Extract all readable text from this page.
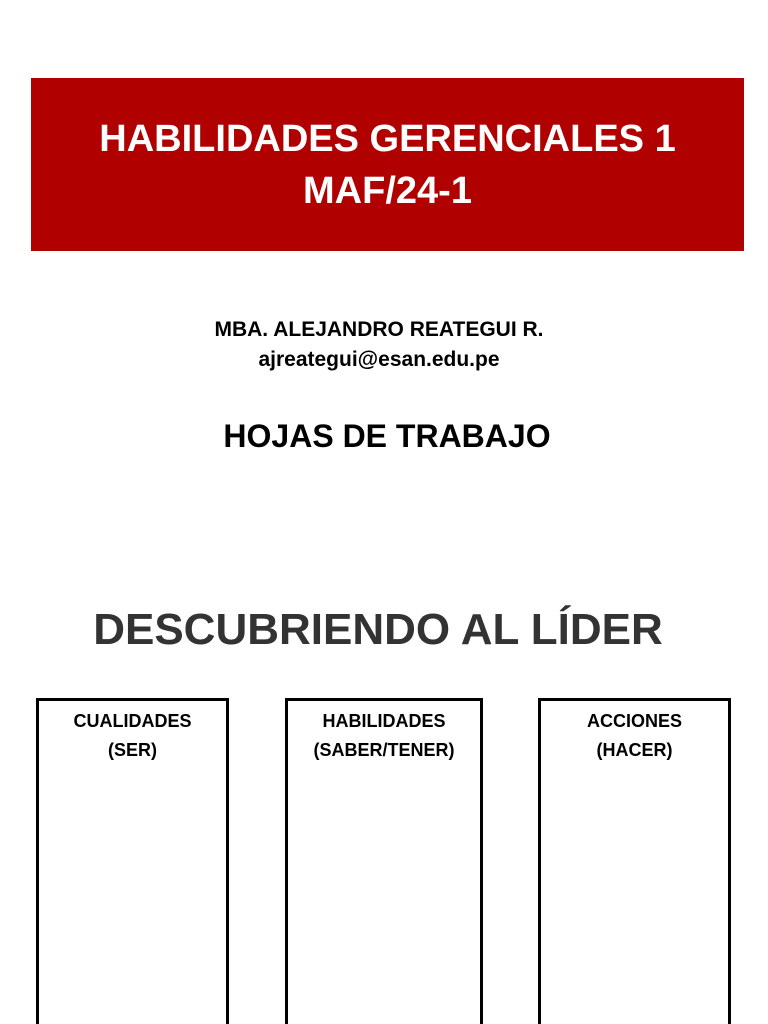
HABILIDADES GERENCIALES 1
MAF/24-1
MBA. ALEJANDRO REATEGUI R.
ajreategui@esan.edu.pe
HOJAS DE TRABAJO
DESCUBRIENDO AL LÍDER
CUALIDADES
(SER)
HABILIDADES
(SABER/TENER)
ACCIONES
(HACER)
